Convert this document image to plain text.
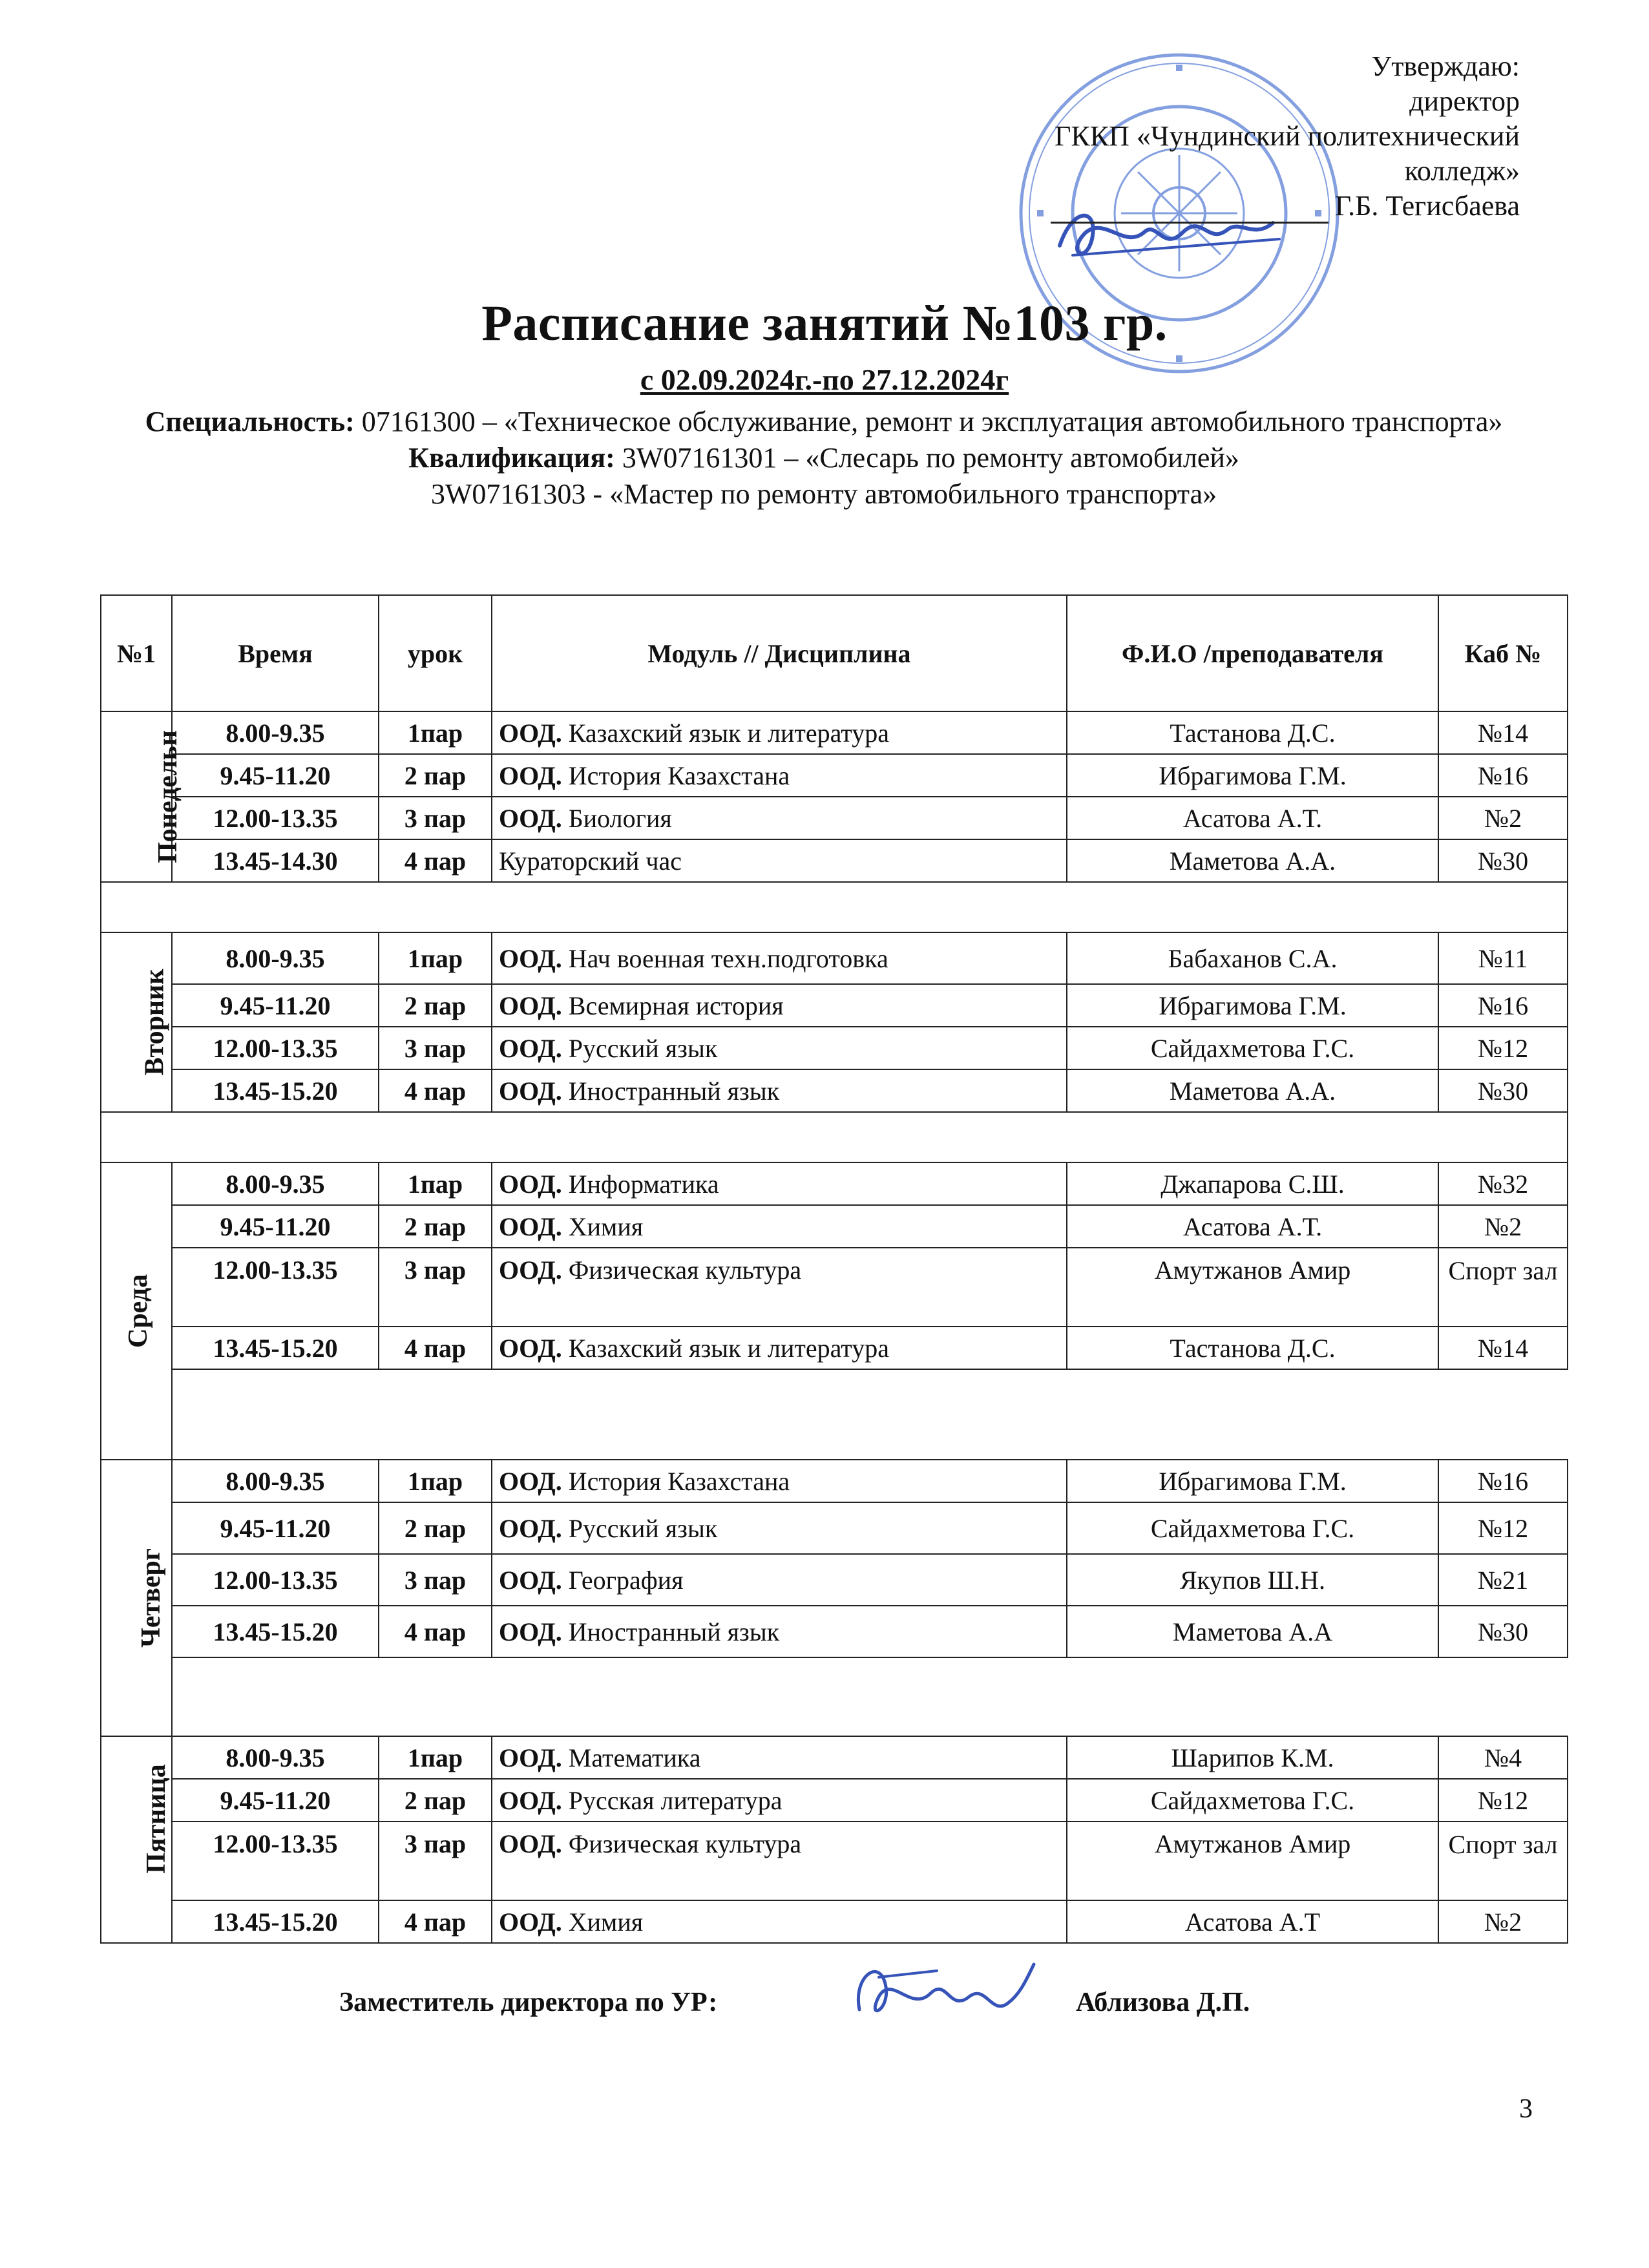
Утверждаю:
директор
ГККП «Чундинский политехнический
колледж»
Г.Б. Тегисбаева
Расписание занятий №103 гр.
с 02.09.2024г.-по 27.12.2024г
Специальность: 07161300 – «Техническое обслуживание, ремонт и эксплуатация автомобильного транспорта»
Квалификация: 3W07161301 – «Слесарь по ремонту автомобилей»
3W07161303 - «Мастер по ремонту автомобильного транспорта»
№1	Время	урок	Модуль // Дисциплина	Ф.И.О /преподавателя	Каб №
Понедельн	8.00-9.35	1пар	ООД. Казахский язык и литература	Тастанова Д.С.	№14
	9.45-11.20	2 пар	ООД. История Казахстана	Ибрагимова Г.М.	№16
	12.00-13.35	3 пар	ООД. Биология	Асатова А.Т.	№2
	13.45-14.30	4 пар	Кураторский час	Маметова А.А.	№30

Вторник	8.00-9.35	1пар	ООД. Нач военная техн.подготовка	Бабаханов С.А.	№11
	9.45-11.20	2 пар	ООД. Всемирная история	Ибрагимова Г.М.	№16
	12.00-13.35	3 пар	ООД. Русский язык	Сайдахметова Г.С.	№12
	13.45-15.20	4 пар	ООД. Иностранный язык	Маметова А.А.	№30

Среда	8.00-9.35	1пар	ООД. Информатика	Джапарова С.Ш.	№32
	9.45-11.20	2 пар	ООД. Химия	Асатова А.Т.	№2
	12.00-13.35	3 пар	ООД. Физическая культура	Амутжанов Амир	Спорт зал
	13.45-15.20	4 пар	ООД. Казахский язык и литература	Тастанова Д.С.	№14

Четверг	8.00-9.35	1пар	ООД. История Казахстана	Ибрагимова Г.М.	№16
	9.45-11.20	2 пар	ООД. Русский язык	Сайдахметова Г.С.	№12
	12.00-13.35	3 пар	ООД. География	Якупов Ш.Н.	№21
	13.45-15.20	4 пар	ООД. Иностранный язык	Маметова А.А	№30

Пятница	8.00-9.35	1пар	ООД. Математика	Шарипов К.М.	№4
	9.45-11.20	2 пар	ООД. Русская литература	Сайдахметова Г.С.	№12
	12.00-13.35	3 пар	ООД. Физическая культура	Амутжанов Амир	Спорт зал
	13.45-15.20	4 пар	ООД. Химия	Асатова А.Т	№2
Заместитель директора по УР:	Аблизова Д.П.
3
